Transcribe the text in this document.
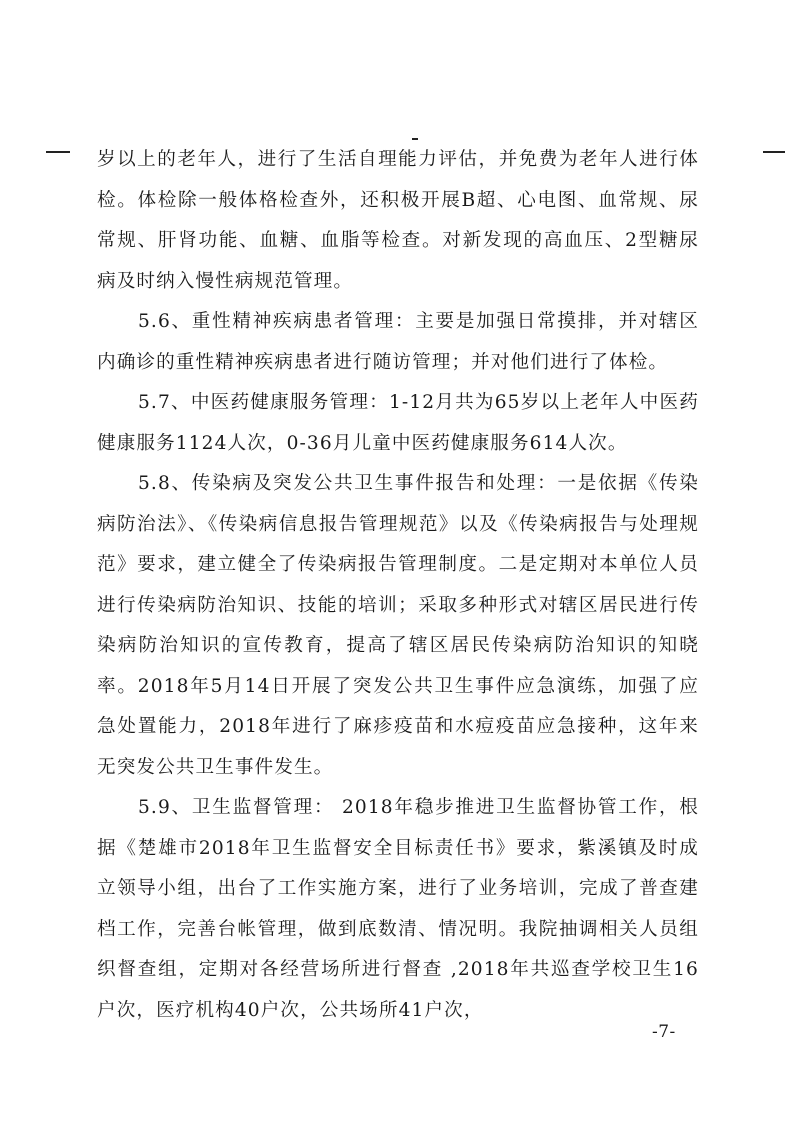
岁以上的老年人，进行了生活自理能力评估，并免费为老年人进行体检。体检除一般体格检查外，还积极开展B超、心电图、血常规、尿常规、肝肾功能、血糖、血脂等检查。对新发现的高血压、2型糖尿病及时纳入慢性病规范管理。

5.6、重性精神疾病患者管理：主要是加强日常摸排，并对辖区内确诊的重性精神疾病患者进行随访管理；并对他们进行了体检。

5.7、中医药健康服务管理：1-12月共为65岁以上老年人中医药健康服务1124人次，0-36月儿童中医药健康服务614人次。

5.8、传染病及突发公共卫生事件报告和处理：一是依据《传染病防治法》、《传染病信息报告管理规范》以及《传染病报告与处理规范》要求，建立健全了传染病报告管理制度。二是定期对本单位人员进行传染病防治知识、技能的培训；采取多种形式对辖区居民进行传染病防治知识的宣传教育，提高了辖区居民传染病防治知识的知晓率。2018年5月14日开展了突发公共卫生事件应急演练，加强了应急处置能力，2018年进行了麻疹疫苗和水痘疫苗应急接种，这年来无突发公共卫生事件发生。

5.9、卫生监督管理： 2018年稳步推进卫生监督协管工作，根据《楚雄市2018年卫生监督安全目标责任书》要求，紫溪镇及时成立领导小组，出台了工作实施方案，进行了业务培训，完成了普查建档工作，完善台帐管理，做到底数清、情况明。我院抽调相关人员组织督查组，定期对各经营场所进行督查 ,2018年共巡查学校卫生16户次，医疗机构40户次，公共场所41户次，

-7-
